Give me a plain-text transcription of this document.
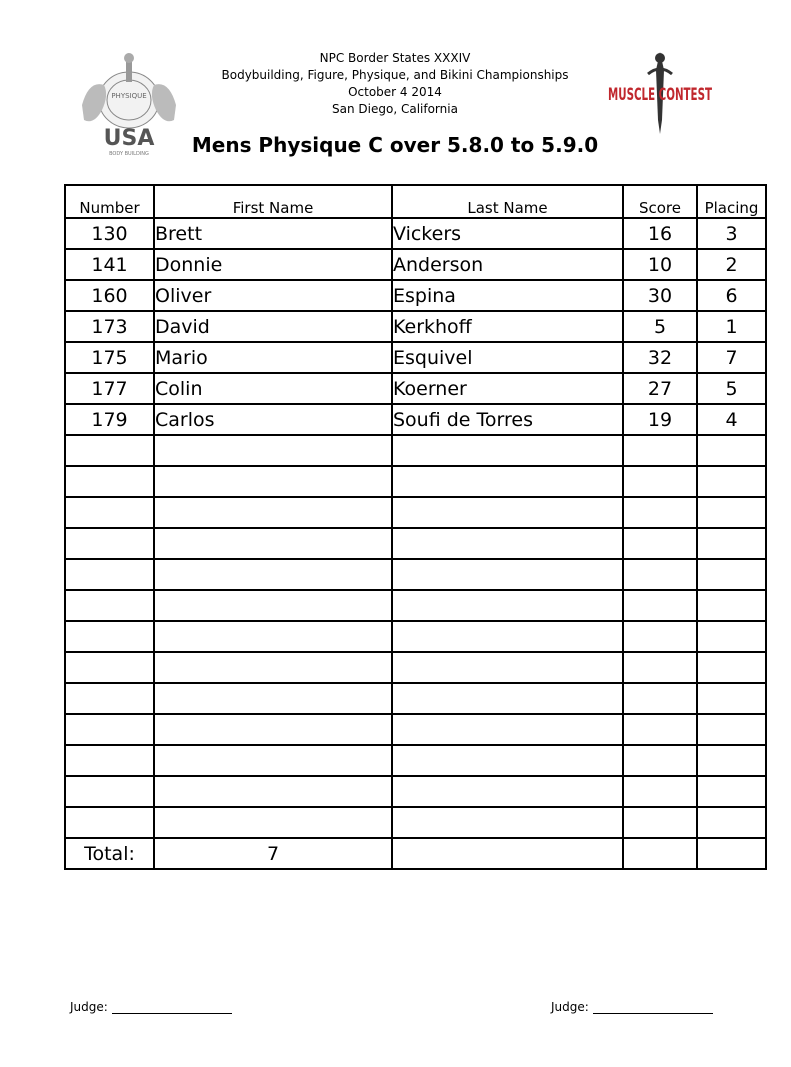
PHYSIQUE
USA
BODY BUILDING
MUSCLE CONTEST
NPC Border States XXXIV
Bodybuilding, Figure, Physique, and Bikini Championships
October 4 2014
San Diego, California
Mens Physique C over 5.8.0 to 5.9.0
Number	First Name	Last Name	Score	Placing
130	Brett	Vickers	16	3
141	Donnie	Anderson	10	2
160	Oliver	Espina	30	6
173	David	Kerkhoff	5	1
175	Mario	Esquivel	32	7
177	Colin	Koerner	27	5
179	Carlos	Soufi de Torres	19	4

Total:	7			
Judge:	Judge:
